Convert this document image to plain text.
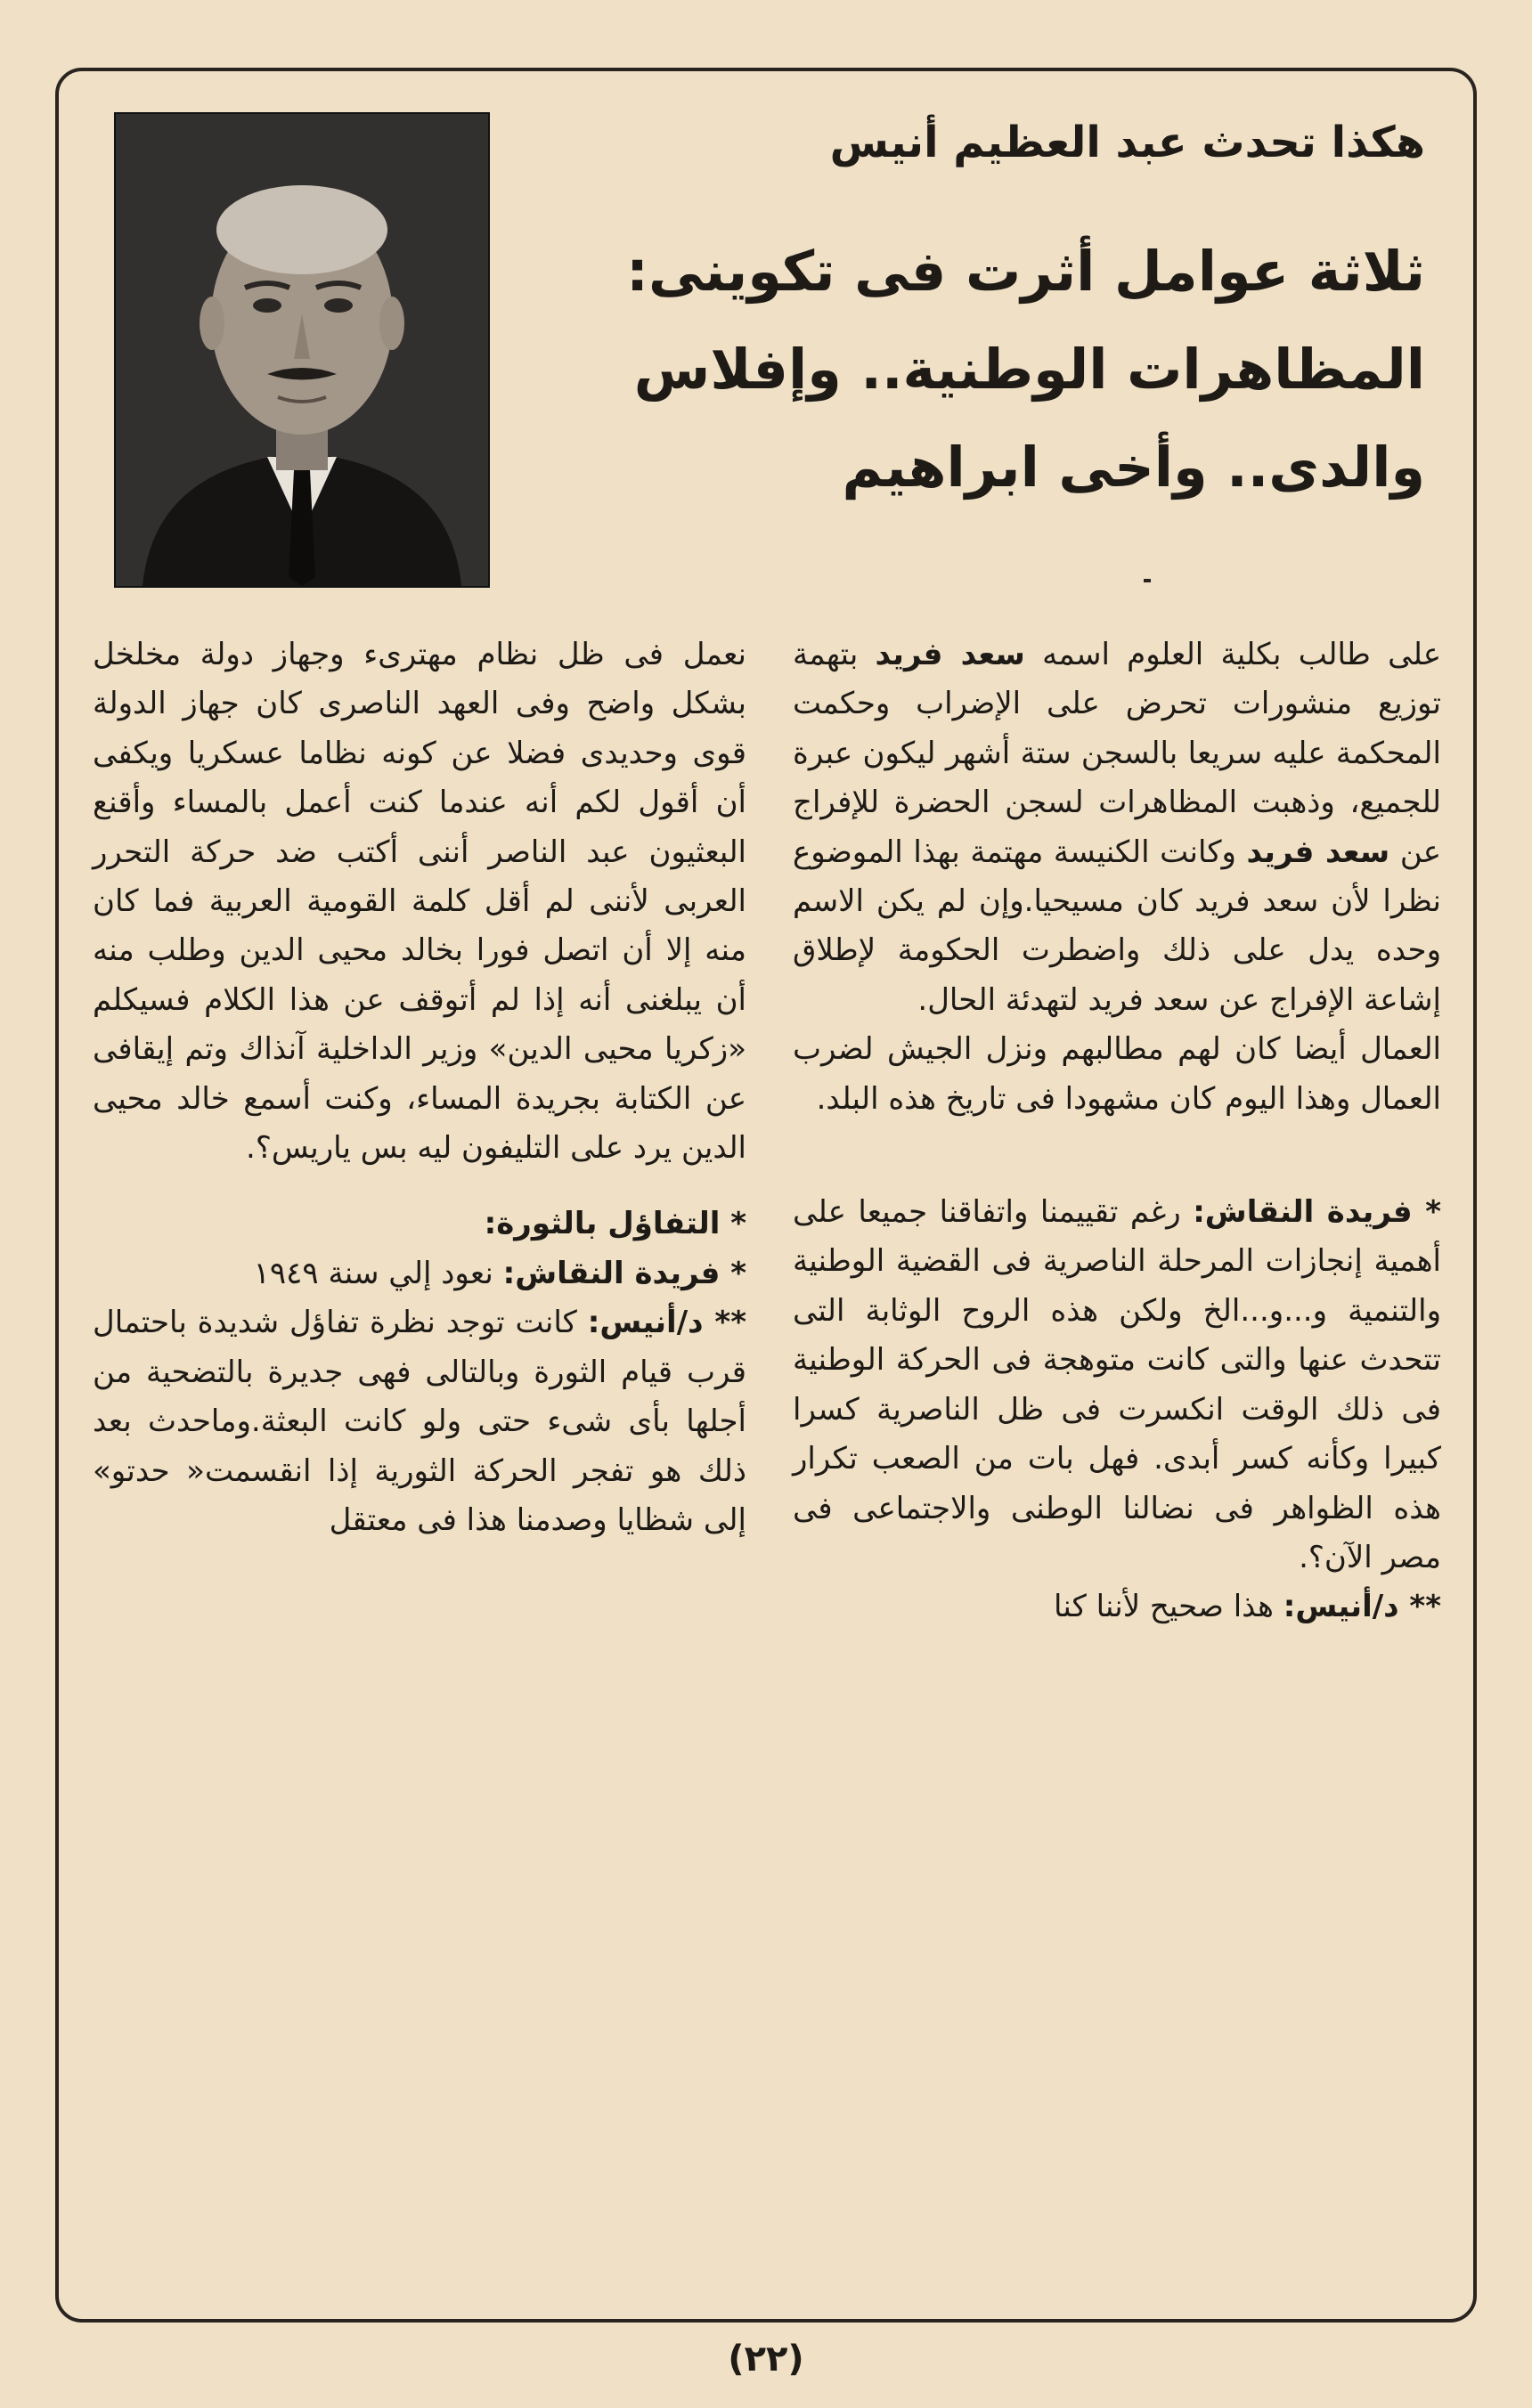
هكذا تحدث عبد العظيم أنيس

ثلاثة عوامل أثرت فى تكوينى:
المظاهرات الوطنية.. وإفلاس
والدى.. وأخى ابراهيم

على طالب بكلية العلوم اسمه سعد فريد بتهمة توزيع منشورات تحرض على الإضراب وحكمت المحكمة عليه سريعا بالسجن ستة أشهر ليكون عبرة للجميع، وذهبت المظاهرات لسجن الحضرة للإفراج عن سعد فريد وكانت الكنيسة مهتمة بهذا الموضوع نظرا لأن سعد فريد كان مسيحيا.وإن لم يكن الاسم وحده يدل على ذلك واضطرت الحكومة لإطلاق إشاعة الإفراج عن سعد فريد لتهدئة الحال.

العمال أيضا كان لهم مطالبهم ونزل الجيش لضرب العمال وهذا اليوم كان مشهودا فى تاريخ هذه البلد.

* فريدة النقاش: رغم تقييمنا واتفاقنا جميعا على أهمية إنجازات المرحلة الناصرية فى القضية الوطنية والتنمية و...و...الخ ولكن هذه الروح الوثابة التى تتحدث عنها والتى كانت متوهجة فى الحركة الوطنية فى ذلك الوقت انكسرت فى ظل الناصرية كسرا كبيرا وكأنه كسر أبدى. فهل بات من الصعب تكرار هذه الظواهر فى نضالنا الوطنى والاجتماعى فى مصر الآن؟.

** د/أنيس: هذا صحيح لأننا كنا

نعمل فى ظل نظام مهترىء وجهاز دولة مخلخل بشكل واضح وفى العهد الناصرى كان جهاز الدولة قوى وحديدى فضلا عن كونه نظاما عسكريا ويكفى أن أقول لكم أنه عندما كنت أعمل بالمساء وأقنع البعثيون عبد الناصر أننى أكتب ضد حركة التحرر العربى لأننى لم أقل كلمة القومية العربية فما كان منه إلا أن اتصل فورا بخالد محيى الدين وطلب منه أن يبلغنى أنه إذا لم أتوقف عن هذا الكلام فسيكلم «زكريا محيى الدين» وزير الداخلية آنذاك وتم إيقافى عن الكتابة بجريدة المساء، وكنت أسمع خالد محيى الدين يرد على التليفون ليه بس ياريس؟.

* التفاؤل بالثورة:

* فريدة النقاش: نعود إلي سنة ١٩٤٩

** د/أنيس: كانت توجد نظرة تفاؤل شديدة باحتمال قرب قيام الثورة وبالتالى فهى جديرة بالتضحية من أجلها بأى شىء حتى ولو كانت البعثة.وماحدث بعد ذلك هو تفجر الحركة الثورية إذا انقسمت« حدتو» إلى شظايا وصدمنا هذا فى معتقل

(٢٢)
